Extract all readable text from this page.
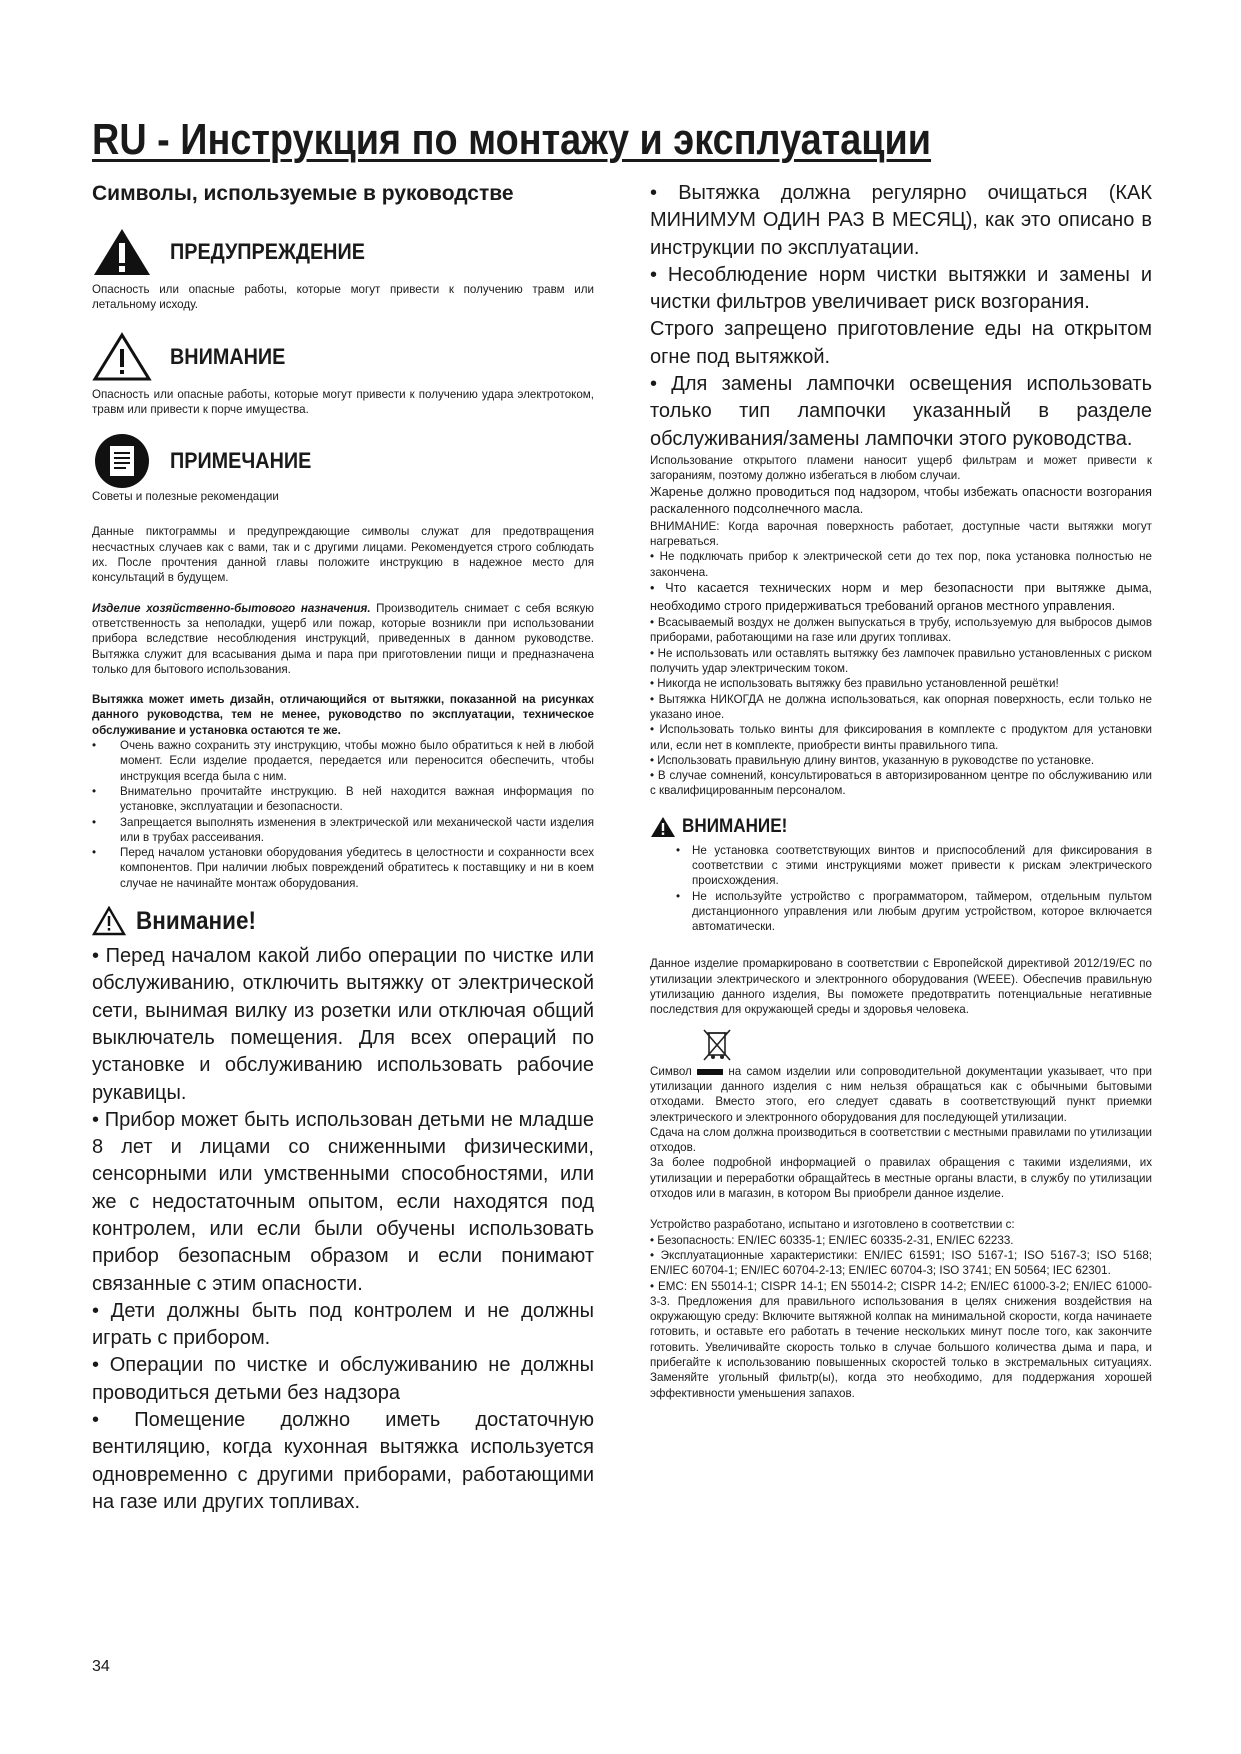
RU - Инструкция по монтажу и эксплуатации

Символы, используемые в руководстве

ПРЕДУПРЕЖДЕНИЕ

Опасность или опасные работы, которые могут привести к получению травм или летальному исходу.

ВНИМАНИЕ

Опасность или опасные работы, которые могут привести к получению удара электротоком, травм или привести к порче имущества.

ПРИМЕЧАНИЕ

Советы и полезные рекомендации

Данные пиктограммы и предупреждающие символы служат для предотвращения несчастных случаев как с вами, так и с другими лицами. Рекомендуется строго соблюдать их. После прочтения данной главы положите инструкцию в надежное место для консультаций в будущем.

Изделие хозяйственно-бытового назначения. Производитель снимает с себя всякую ответственность за неполадки, ущерб или пожар, которые возникли при использовании прибора вследствие несоблюдения инструкций, приведенных в данном руководстве. Вытяжка служит для всасывания дыма и пара при приготовлении пищи и предназначена только для бытового использования.

Вытяжка может иметь дизайн, отличающийся от вытяжки, показанной на рисунках данного руководства, тем не менее, руководство по эксплуатации, техническое обслуживание и установка остаются те же.

• Очень важно сохранить эту инструкцию, чтобы можно было обратиться к ней в любой момент. Если изделие продается, передается или переносится обеспечить, чтобы инструкция всегда была с ним.
• Внимательно прочитайте инструкцию. В ней находится важная информация по установке, эксплуатации и безопасности.
• Запрещается выполнять изменения в электрической или механической части изделия или в трубах рассеивания.
• Перед началом установки оборудования убедитесь в целостности и сохранности всех компонентов. При наличии любых повреждений обратитесь к поставщику и ни в коем случае не начинайте монтаж оборудования.
Внимание!

• Перед началом какой либо операции по чистке или обслуживанию, отключить вытяжку от электрической сети, вынимая вилку из розетки или отключая общий выключатель помещения. Для всех операций по установке и обслуживанию использовать рабочие рукавицы.

• Прибор может быть использован детьми не младше 8 лет и лицами со сниженными физическими, сенсорными или умственными способностями, или же с недостаточным опытом, если находятся под контролем, или если были обучены использовать прибор безопасным образом и если понимают связанные с этим опасности.

• Дети должны быть под контролем и не должны играть с прибором.

• Операции по чистке и обслуживанию не должны проводиться детьми без надзора

• Помещение должно иметь достаточную вентиляцию, когда кухонная вытяжка используется одновременно с другими приборами, работающими на газе или других топливах.

• Вытяжка должна регулярно очищаться (КАК МИНИМУМ ОДИН РАЗ В МЕСЯЦ), как это описано в инструкции по эксплуатации.

• Несоблюдение норм чистки вытяжки и замены и чистки фильтров увеличивает риск возгорания.

Строго запрещено приготовление еды на открытом огне под вытяжкой.

• Для замены лампочки освещения использовать только тип лампочки указанный в разделе обслуживания/замены лампочки этого руководства.

Использование открытого пламени наносит ущерб фильтрам и может привести к загораниям, поэтому должно избегаться в любом случаи.

Жаренье должно проводиться под надзором, чтобы избежать опасности возгорания раскаленного подсолнечного масла.

ВНИМАНИЕ: Когда варочная поверхность работает, доступные части вытяжки могут нагреваться.

• Не подключать прибор к электрической сети до тех пор, пока установка полностью не закончена.

• Что касается технических норм и мер безопасности при вытяжке дыма, необходимо строго придерживаться требований органов местного управления.

• Всасываемый воздух не должен выпускаться в трубу, используемую для выбросов дымов приборами, работающими на газе или других топливах.

• Не использовать или оставлять вытяжку без лампочек правильно установленных с риском получить удар электрическим током.

• Никогда не использовать вытяжку без правильно установленной решётки!

• Вытяжка НИКОГДА не должна использоваться, как опорная поверхность, если только не указано иное.

• Использовать только винты для фиксирования в комплекте с продуктом для установки или, если нет в комплекте, приобрести винты правильного типа.

• Использовать правильную длину винтов, указанную в руководстве по установке.

• В случае сомнений, консультироваться в авторизированном центре по обслуживанию или с квалифицированным персоналом.

ВНИМАНИЕ!
• Не установка соответствующих винтов и приспособлений для фиксирования в соответствии с этими инструкциями может привести к рискам электрического происхождения.
• Не используйте устройство с программатором, таймером, отдельным пультом дистанционного управления или любым другим устройством, которое включается автоматически.

Данное изделие промаркировано в соответствии с Европейской директивой 2012/19/EC по утилизации электрического и электронного оборудования (WEEE). Обеспечив правильную утилизацию данного изделия, Вы поможете предотвратить потенциальные негативные последствия для окружающей среды и здоровья человека.

Символ	на самом изделии или сопроводительной документации указывает, что при утилизации данного изделия с ним нельзя обращаться как с обычными бытовыми отходами. Вместо этого, его следует сдавать в соответствующий пункт приемки электрического и электронного оборудования для последующей утилизации.

Сдача на слом должна производиться в соответствии с местными правилами по утилизации отходов.

За более подробной информацией о правилах обращения с такими изделиями, их утилизации и переработки обращайтесь в местные органы власти, в службу по утилизации отходов или в магазин, в котором Вы приобрели данное изделие.

Устройство разработано, испытано и изготовлено в соответствии с:

• Безопасность: EN/IEC 60335-1; EN/IEC 60335-2-31, EN/IEC 62233.

• Эксплуатационные характеристики: EN/IEC 61591; ISO 5167-1; ISO 5167-3; ISO 5168; EN/IEC 60704-1; EN/IEC 60704-2-13; EN/IEC 60704-3; ISO 3741; EN 50564; IEC 62301.

• EMC: EN 55014-1; CISPR 14-1; EN 55014-2; CISPR 14-2; EN/IEC 61000-3-2; EN/IEC 61000-3-3. Предложения для правильного использования в целях снижения воздействия на окружающую среду: Включите вытяжной колпак на минимальной скорости, когда начинаете готовить, и оставьте его работать в течение нескольких минут после того, как закончите готовить. Увеличивайте скорость только в случае большого количества дыма и пара, и прибегайте к использованию повышенных скоростей только в экстремальных ситуациях. Заменяйте угольный фильтр(ы), когда это необходимо, для поддержания хорошей эффективности уменьшения запахов.

34
